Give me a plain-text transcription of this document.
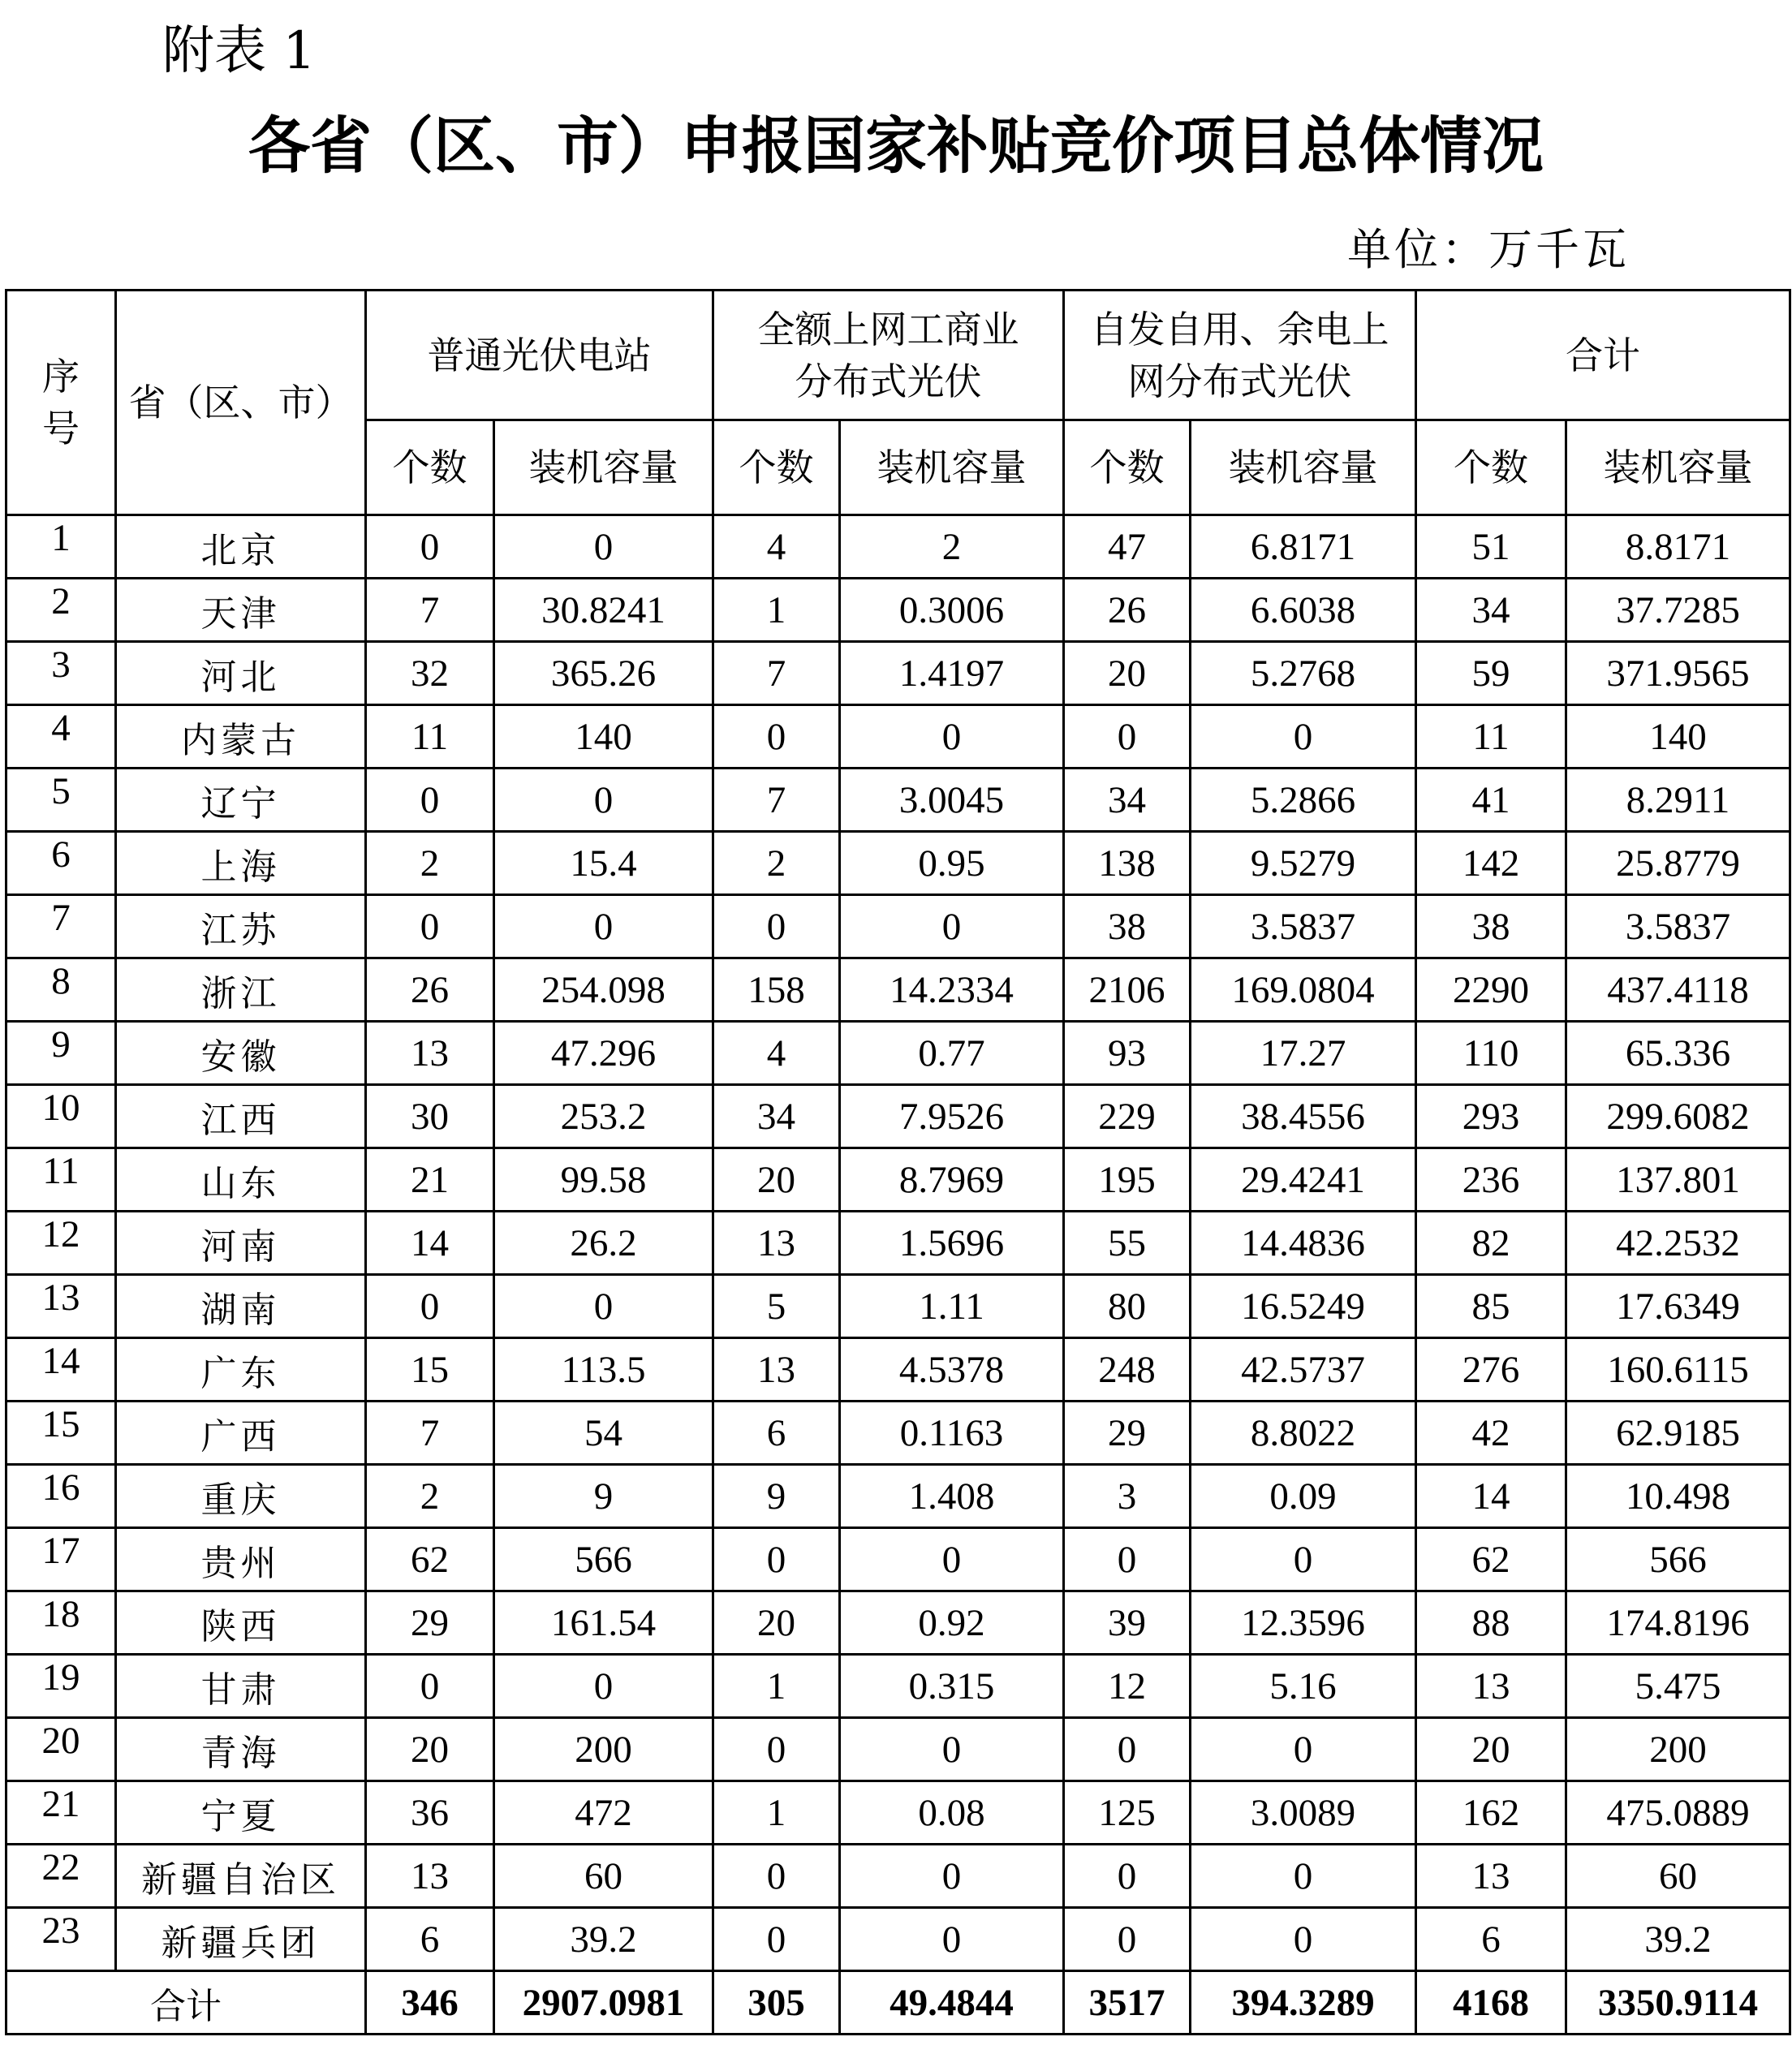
附表 1
各省（区、市）申报国家补贴竞价项目总体情况
单位：万千瓦
序号	省（区、市）	普通光伏电站		全额上网工商业分布式光伏		自发自用、余电上网分布式光伏		合计	
		个数	装机容量	个数	装机容量	个数	装机容量	个数	装机容量
1	北京	0	0	4	2	47	6.8171	51	8.8171
2	天津	7	30.8241	1	0.3006	26	6.6038	34	37.7285
3	河北	32	365.26	7	1.4197	20	5.2768	59	371.9565
4	内蒙古	11	140	0	0	0	0	11	140
5	辽宁	0	0	7	3.0045	34	5.2866	41	8.2911
6	上海	2	15.4	2	0.95	138	9.5279	142	25.8779
7	江苏	0	0	0	0	38	3.5837	38	3.5837
8	浙江	26	254.098	158	14.2334	2106	169.0804	2290	437.4118
9	安徽	13	47.296	4	0.77	93	17.27	110	65.336
10	江西	30	253.2	34	7.9526	229	38.4556	293	299.6082
11	山东	21	99.58	20	8.7969	195	29.4241	236	137.801
12	河南	14	26.2	13	1.5696	55	14.4836	82	42.2532
13	湖南	0	0	5	1.11	80	16.5249	85	17.6349
14	广东	15	113.5	13	4.5378	248	42.5737	276	160.6115
15	广西	7	54	6	0.1163	29	8.8022	42	62.9185
16	重庆	2	9	9	1.408	3	0.09	14	10.498
17	贵州	62	566	0	0	0	0	62	566
18	陕西	29	161.54	20	0.92	39	12.3596	88	174.8196
19	甘肃	0	0	1	0.315	12	5.16	13	5.475
20	青海	20	200	0	0	0	0	20	200
21	宁夏	36	472	1	0.08	125	3.0089	162	475.0889
22	新疆自治区	13	60	0	0	0	0	13	60
23	新疆兵团	6	39.2	0	0	0	0	6	39.2
合计		346	2907.0981	305	49.4844	3517	394.3289	4168	3350.9114
